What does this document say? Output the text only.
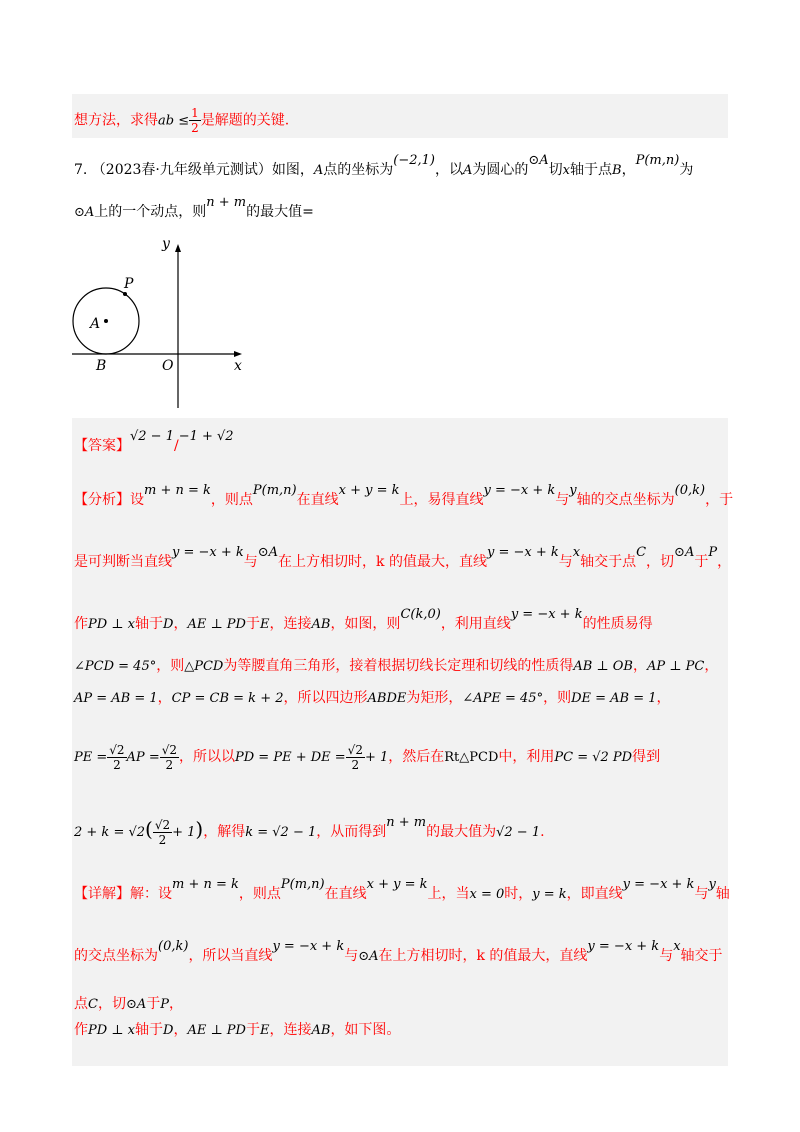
想方法，求得ab ≤ $\frac{1}{2}$ 是解题的关键.
7. （2023春·九年级单元测试）如图，A点的坐标为(−2,1)，以A为圆心的⊙A切x轴于点B，P(m,n)为
⊙A上的一个动点，则n + m的最大值=
y
x
O
A
B
P
【答案】√2 − 1/−1 + √2
【分析】设m + n = k，则点P(m,n)在直线x + y = k上，易得直线y = −x + k与y轴的交点坐标为(0,k)，于
是可判断当直线y = −x + k与⊙A在上方相切时，k 的值最大，直线y = −x + k与x轴交于点C，切⊙A于P，
作PD ⊥ x轴于D，AE ⊥ PD于E，连接AB，如图，则C(k,0)，利用直线y = −x + k的性质易得
∠PCD = 45°，则△PCD为等腰直角三角形，接着根据切线长定理和切线的性质得AB ⊥ OB，AP ⊥ PC，
AP = AB = 1，CP = CB = k + 2，所以四边形ABDE为矩形，∠APE = 45°，则DE = AB = 1，
PE = $\frac{√2}{2}$ AP = $\frac{√2}{2}$ ，所以以PD = PE + DE = $\frac{√2}{2} + 1$，然后在Rt△PCD中，利用PC = √2 PD得到
$2 + k = √2( \frac{√2}{2} + 1)$，解得k = √2 − 1，从而得到n + m的最大值为√2 − 1.
【详解】解：设m + n = k，则点P(m,n)在直线x + y = k上，当x = 0时，y = k，即直线y = −x + k与y轴
的交点坐标为(0,k)，所以当直线y = −x + k与⊙A在上方相切时，k 的值最大，直线y = −x + k与x轴交于
点C，切⊙A于P，
作PD ⊥ x轴于D，AE ⊥ PD于E，连接AB，如下图。
